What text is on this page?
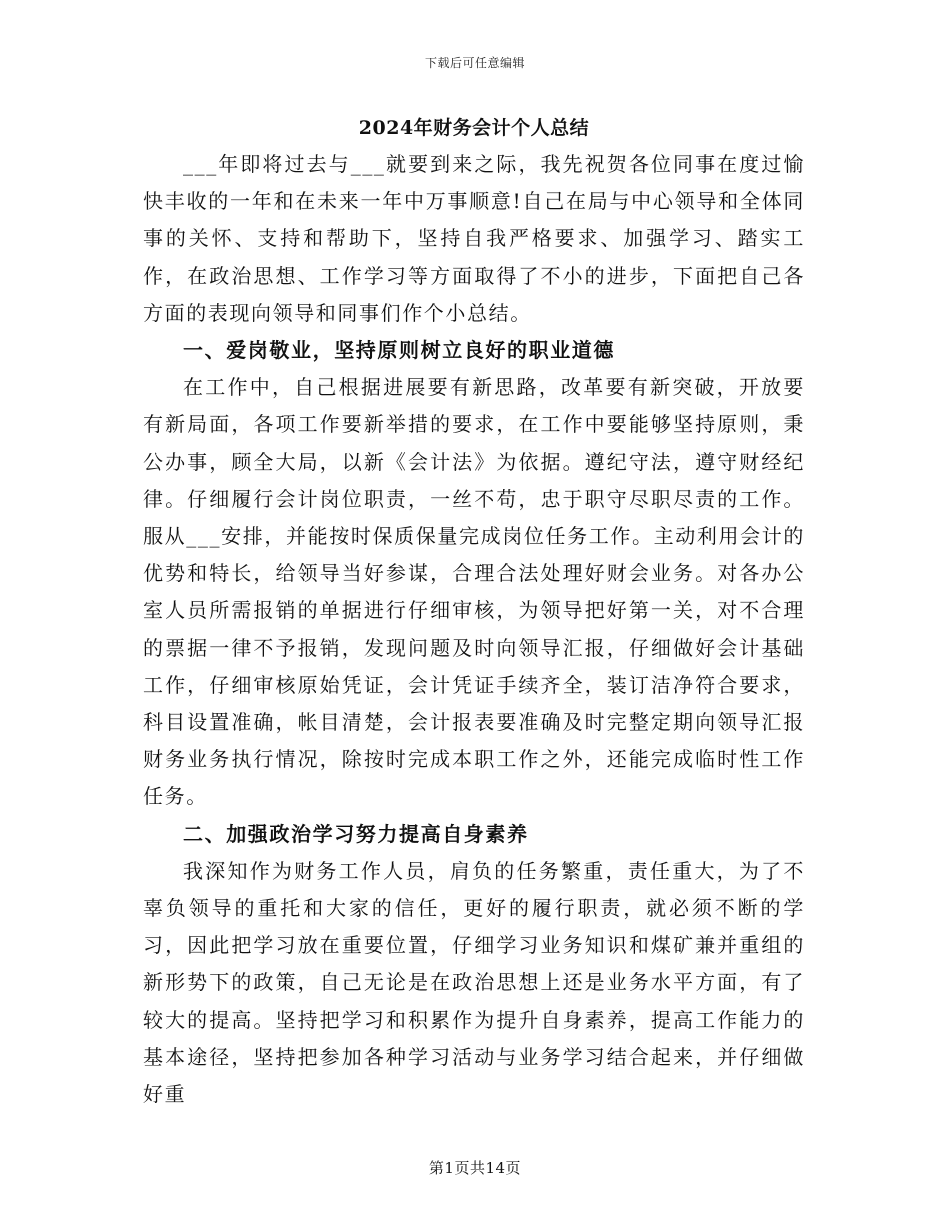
下载后可任意编辑
2024年财务会计个人总结

___年即将过去与___就要到来之际，我先祝贺各位同事在度过愉快丰收的一年和在未来一年中万事顺意!自己在局与中心领导和全体同事的关怀、支持和帮助下，坚持自我严格要求、加强学习、踏实工作，在政治思想、工作学习等方面取得了不小的进步，下面把自己各方面的表现向领导和同事们作个小总结。

一、爱岗敬业，坚持原则树立良好的职业道德

在工作中，自己根据进展要有新思路，改革要有新突破，开放要有新局面，各项工作要新举措的要求，在工作中要能够坚持原则，秉公办事，顾全大局，以新《会计法》为依据。遵纪守法，遵守财经纪律。仔细履行会计岗位职责，一丝不苟，忠于职守尽职尽责的工作。服从___安排，并能按时保质保量完成岗位任务工作。主动利用会计的优势和特长，给领导当好参谋，合理合法处理好财会业务。对各办公室人员所需报销的单据进行仔细审核，为领导把好第一关，对不合理的票据一律不予报销，发现问题及时向领导汇报，仔细做好会计基础工作，仔细审核原始凭证，会计凭证手续齐全，装订洁净符合要求，科目设置准确，帐目清楚，会计报表要准确及时完整定期向领导汇报财务业务执行情况，除按时完成本职工作之外，还能完成临时性工作任务。

二、加强政治学习努力提高自身素养

我深知作为财务工作人员，肩负的任务繁重，责任重大，为了不辜负领导的重托和大家的信任，更好的履行职责，就必须不断的学习，因此把学习放在重要位置，仔细学习业务知识和煤矿兼并重组的新形势下的政策，自己无论是在政治思想上还是业务水平方面，有了较大的提高。坚持把学习和积累作为提升自身素养，提高工作能力的基本途径，坚持把参加各种学习活动与业务学习结合起来，并仔细做好重

第1页共14页
